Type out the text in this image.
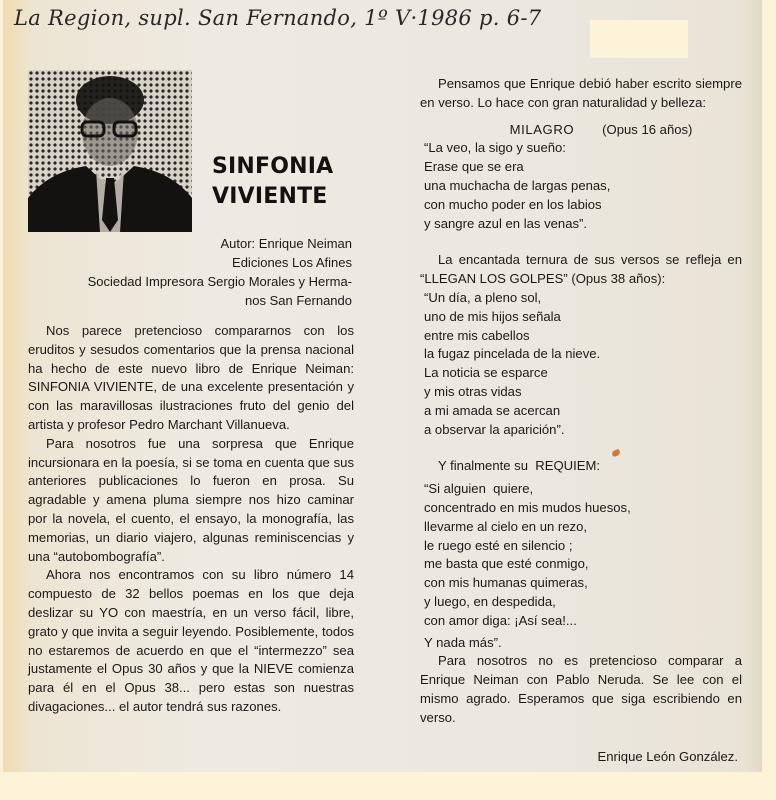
La Region, supl. San Fernando, 1º V·1986 p. 6-7
SINFONIA
VIVIENTE
Autor: Enrique Neiman
Ediciones Los Afines
Sociedad Impresora Sergio Morales y Herma-
nos San Fernando

Nos parece pretencioso compararnos con los eruditos y sesudos comentarios que la prensa nacional ha hecho de este nuevo libro de Enrique Neiman: SINFONIA VIVIENTE, de una excelente presentación y con las maravillosas ilustraciones fruto del genio del artista y profesor Pedro Marchant Villanueva.

Para nosotros fue una sorpresa que Enrique incursionara en la poesía, si se toma en cuenta que sus anteriores publicaciones lo fueron en prosa. Su agradable y amena pluma siempre nos hizo caminar por la novela, el cuento, el ensayo, la monografía, las memorias, un diario viajero, algunas reminiscencias y una “autobombografía”.

Ahora nos encontramos con su libro número 14 compuesto de 32 bellos poemas en los que deja deslizar su YO con maestría, en un verso fácil, libre, grato y que invita a seguir leyendo. Posiblemente, todos no estaremos de acuerdo en que el “intermezzo” sea justamente el Opus 30 años y que la NIEVE comienza para él en el Opus 38... pero estas son nuestras divagaciones... el autor tendrá sus razones.

Pensamos que Enrique debió haber escrito siempre en verso. Lo hace con gran naturalidad y belleza:

MILAGRO (Opus 16 años)

“La veo, la sigo y sueño:

Erase que se era

una muchacha de largas penas,

con mucho poder en los labios

y sangre azul en las venas”.

La encantada ternura de sus versos se refleja en “LLEGAN LOS GOLPES” (Opus 38 años):

“Un día, a pleno sol,

uno de mis hijos señala

entre mis cabellos

la fugaz pincelada de la nieve.

La noticia se esparce

y mis otras vidas

a mi amada se acercan

a observar la aparición”.

Y finalmente su  REQUIEM:

“Si alguien  quiere,

concentrado en mis mudos huesos,

llevarme al cielo en un rezo,

le ruego esté en silencio ;

me basta que esté conmigo,

con mis humanas quimeras,

y luego, en despedida,

con amor diga: ¡Así sea!...

Y nada más”.

Para nosotros no es pretencioso comparar a Enrique Neiman con Pablo Neruda. Se lee con el mismo agrado. Esperamos que siga escribiendo en verso.

Enrique León González.
